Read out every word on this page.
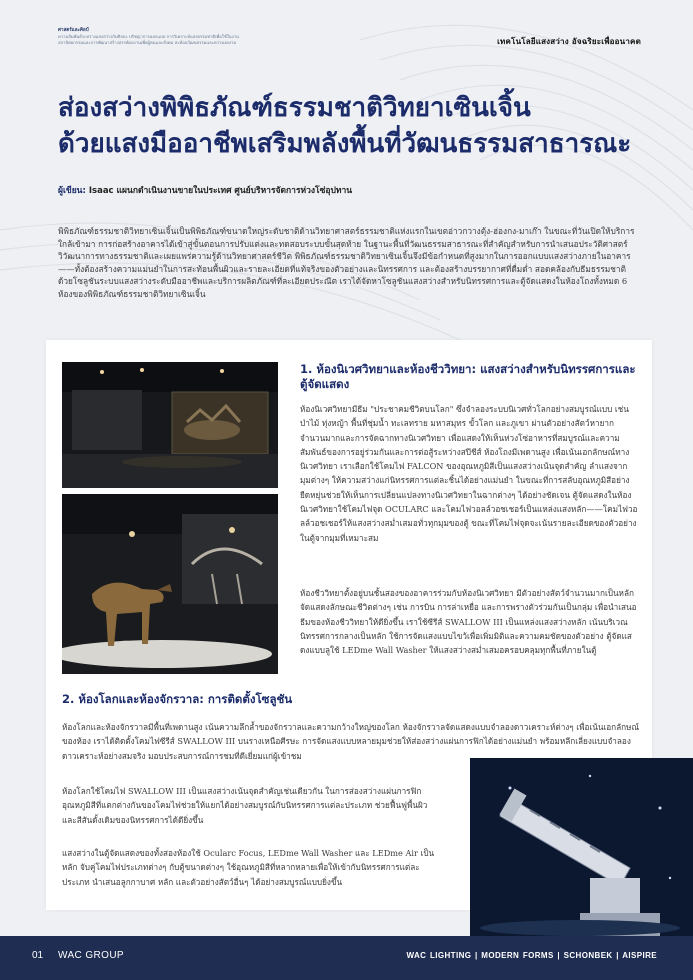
ศาสตร์และศิลป์
ความสัมพันธ์ระหว่างแสงสว่างกับศิลปะ ปรัชญาการออกแบบ การวิเคราะห์แสงธรรมชาติเพื่อใช้ในงาน
สถาปัตยกรรมและการพัฒนาสร้างสรรค์ผลงานเพื่อผู้คนและสังคม สะท้อนวัฒนธรรมและความงดงาม	เทคโนโลยีแสงสว่าง อัจฉริยะเพื่ออนาคต
ส่องสว่างพิพิธภัณฑ์ธรรมชาติวิทยาเซินเจิ้น
ด้วยแสงมืออาชีพเสริมพลังพื้นที่วัฒนธรรมสาธารณะ
ผู้เขียน: Isaac แผนกดำเนินงานขายในประเทศ ศูนย์บริหารจัดการห่วงโซ่อุปทาน

พิพิธภัณฑ์ธรรมชาติวิทยาเซินเจิ้นเป็นพิพิธภัณฑ์ขนาดใหญ่ระดับชาติด้านวิทยาศาสตร์ธรรมชาติแห่งแรกในเขตอ่าวกวางตุ้ง-ฮ่องกง-มาเก๊า ในขณะที่วันเปิดให้บริการใกล้เข้ามา การก่อสร้างอาคารได้เข้าสู่ขั้นตอนการปรับแต่งและทดสอบระบบขั้นสุดท้าย ในฐานะพื้นที่วัฒนธรรมสาธารณะที่สำคัญสำหรับการนำเสนอประวัติศาสตร์วิวัฒนาการทางธรรมชาติและเผยแพร่ความรู้ด้านวิทยาศาสตร์ชีวิต พิพิธภัณฑ์ธรรมชาติวิทยาเซินเจิ้นจึงมีข้อกำหนดที่สูงมากในการออกแบบแสงสว่างภายในอาคาร

——ทั้งต้องสร้างความแม่นยำในการสะท้อนพื้นผิวและรายละเอียดที่แท้จริงของตัวอย่างและนิทรรศการ และต้องสร้างบรรยากาศที่ดื่มด่ำ สอดคล้องกับธีมธรรมชาติ ด้วยโซลูชันระบบแสงสว่างระดับมืออาชีพและบริการผลิตภัณฑ์ที่ละเอียดประณีต เราได้จัดหาโซลูชันแสงสว่างสำหรับนิทรรศการและตู้จัดแสดงในห้องโถงทั้งหมด 6 ห้องของพิพิธภัณฑ์ธรรมชาติวิทยาเซินเจิ้น

1. ห้องนิเวศวิทยาและห้องชีววิทยา: แสงสว่างสำหรับนิทรรศการและตู้จัดแสดง

ห้องนิเวศวิทยามีธีม "ประชาคมชีวิตบนโลก" ซึ่งจำลองระบบนิเวศทั่วโลกอย่างสมบูรณ์แบบ เช่น ป่าไม้ ทุ่งหญ้า พื้นที่ชุ่มน้ำ ทะเลทราย มหาสมุทร ขั้วโลก และภูเขา ผ่านตัวอย่างสัตว์หายากจำนวนมากและการจัดฉากทางนิเวศวิทยา เพื่อแสดงให้เห็นห่วงโซ่อาหารที่สมบูรณ์และความสัมพันธ์ของการอยู่ร่วมกันและการต่อสู้ระหว่างสปีชีส์ ห้องโถงมีเพดานสูง เพื่อเน้นเอกลักษณ์ทางนิเวศวิทยา เราเลือกใช้โคมไฟ FALCON ของอุณหภูมิสีเป็นแสงสว่างเน้นจุดสำคัญ ลำแสงจากมุมต่างๆ ให้ความสว่างแก่นิทรรศการแต่ละชิ้นได้อย่างแม่นยำ ในขณะที่การสลับอุณหภูมิสีอย่างยืดหยุ่นช่วยให้เห็นการเปลี่ยนแปลงทางนิเวศวิทยาในฉากต่างๆ ได้อย่างชัดเจน ตู้จัดแสดงในห้องนิเวศวิทยาใช้โคมไฟจุด OCULARC และโคมไฟวอลล์วอชเชอร์เป็นแหล่งแสงหลัก——โคมไฟวอลล์วอชเชอร์ให้แสงสว่างสม่ำเสมอทั่วทุกมุมของตู้ ขณะที่โคมไฟจุดจะเน้นรายละเอียดของตัวอย่างในตู้จากมุมที่เหมาะสม

ห้องชีววิทยาตั้งอยู่บนชั้นสองของอาคารร่วมกับห้องนิเวศวิทยา มีตัวอย่างสัตว์จำนวนมากเป็นหลัก จัดแสดงลักษณะชีวิตต่างๆ เช่น การบิน การล่าเหยื่อ และการพรางตัวร่วมกันเป็นกลุ่ม เพื่อนำเสนอธีมของห้องชีววิทยาให้ดียิ่งขึ้น เราใช้ซีรีส์ SWALLOW III เป็นแหล่งแสงสว่างหลัก เน้นบริเวณนิทรรศการกลางเป็นหลัก ใช้การจัดแสงแบบไขว้เพื่อเพิ่มมิติและความคมชัดของตัวอย่าง ตู้จัดแสดงแบบลูใช้ LEDme Wall Washer ให้แสงสว่างสม่ำเสมอครอบคลุมทุกพื้นที่ภายในตู้

2. ห้องโลกและห้องจักรวาล: การติดตั้งโซลูชัน

ห้องโลกและห้องจักรวาลมีพื้นที่เพดานสูง เน้นความลึกล้ำของจักรวาลและความกว้างใหญ่ของโลก ห้องจักรวาลจัดแสดงแบบจำลองดาวเคราะห์ต่างๆ เพื่อเน้นเอกลักษณ์ของห้อง เราได้ติดตั้งโคมไฟซีรีส์ SWALLOW III บนรางเหนือศีรษะ การจัดแสงแบบหลายมุมช่วยให้ส่องสว่างแผ่นการฟิกได้อย่างแม่นยำ พร้อมหลีกเลี่ยงแบบจำลองดาวเคราะห์อย่างสมจริง มอบประสบการณ์การชมที่ดีเยี่ยมแก่ผู้เข้าชม

ห้องโลกใช้โคมไฟ SWALLOW III เป็นแสงสว่างเน้นจุดสำคัญเช่นเดียวกัน ในการส่องสว่างแผ่นการฟิก อุณหภูมิสีที่แตกต่างกันของโคมไฟช่วยให้แยกได้อย่างสมบูรณ์กับนิทรรศการแต่ละประเภท ช่วยฟื้นฟูพื้นผิวและสีสันดั้งเดิมของนิทรรศการได้ดียิ่งขึ้น

แสงสว่างในตู้จัดแสดงของทั้งสองห้องใช้ Ocularc Focus, LEDme Wall Washer และ LEDme Air เป็นหลัก จับคู่โคมไฟประเภทต่างๆ กับตู้ขนาดต่างๆ ใช้อุณหภูมิสีที่หลากหลายเพื่อให้เข้ากับนิทรรศการแต่ละประเภท นำเสนอลูกกาบาศ หลัก และตัวอย่างสัตว์อื่นๆ ได้อย่างสมบูรณ์แบบยิ่งขึ้น

01 WAC GROUP	WAC LIGHTING | MODERN FORMS | SCHONBEK | AISPIRE
